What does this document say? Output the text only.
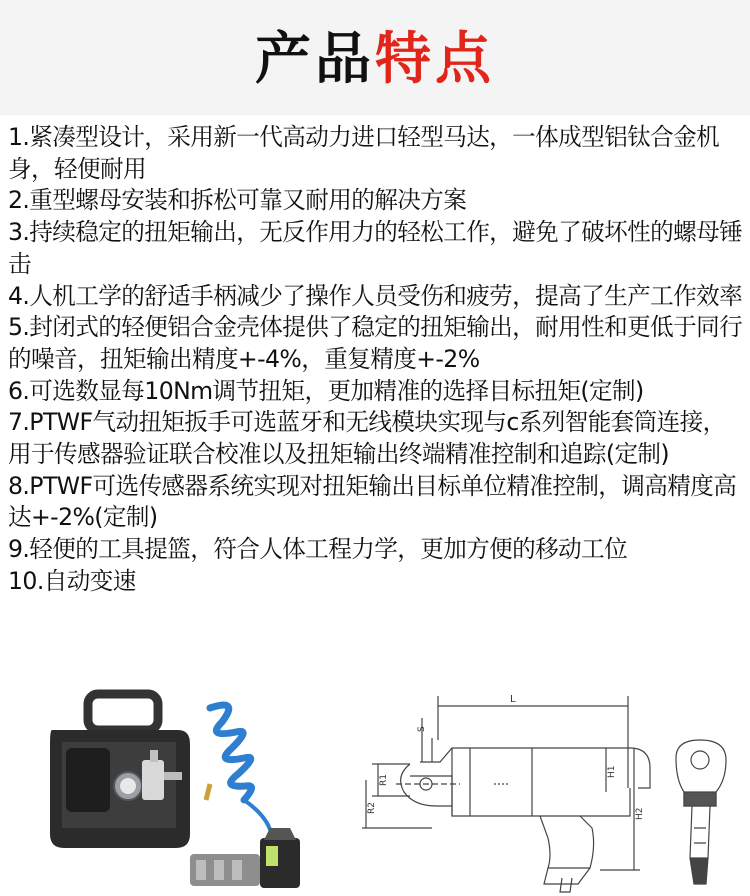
产品特点
1.紧凑型设计，采用新一代高动力进口轻型马达，一体成型铝钛合金机身，轻便耐用
2.重型螺母安装和拆松可靠又耐用的解决方案
3.持续稳定的扭矩输出，无反作用力的轻松工作，避免了破坏性的螺母锤击
4.人机工学的舒适手柄减少了操作人员受伤和疲劳，提高了生产工作效率
5.封闭式的轻便铝合金壳体提供了稳定的扭矩输出，耐用性和更低于同行的噪音，扭矩输出精度+-4%，重复精度+-2%
6.可选数显每10Nm调节扭矩，更加精准的选择目标扭矩(定制)
7.PTWF气动扭矩扳手可选蓝牙和无线模块实现与c系列智能套筒连接，用于传感器验证联合校准以及扭矩输出终端精准控制和追踪(定制)
8.PTWF可选传感器系统实现对扭矩输出目标单位精准控制，调高精度高达+-2%(定制)
9.轻便的工具提篮，符合人体工程力学，更加方便的移动工位
10.自动变速
L
S
R1
R2
H1
H2
